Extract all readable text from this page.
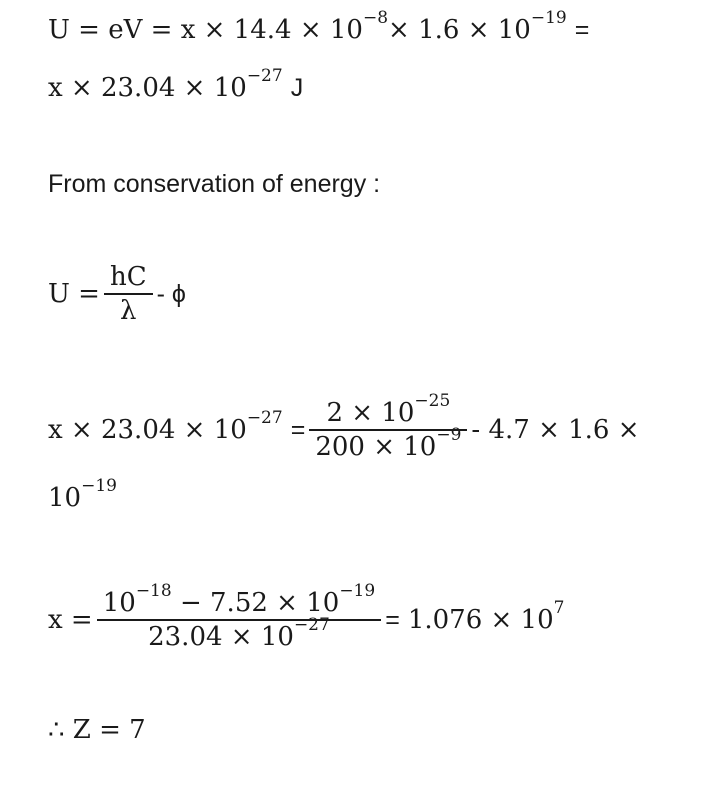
U = eV = x × 14.4 × 10 −8 × 1.6 × 10 −19 =
x × 23.04 × 10 −27 J
From conservation of energy :
$U = \frac{hC}{\lambda} - \phi$
$x \times 23.04 \times 10 -27 = \frac{2 \times 10 -25}{200 \times 10 -9} - 4.7 \times 1.6$ ×
10 −19
$x = \frac{10 -18 - 7.52 \times 10 -19}{23.04 \times 10 -27} = 1.076 \times 10$ 7
∴ Z = 7
